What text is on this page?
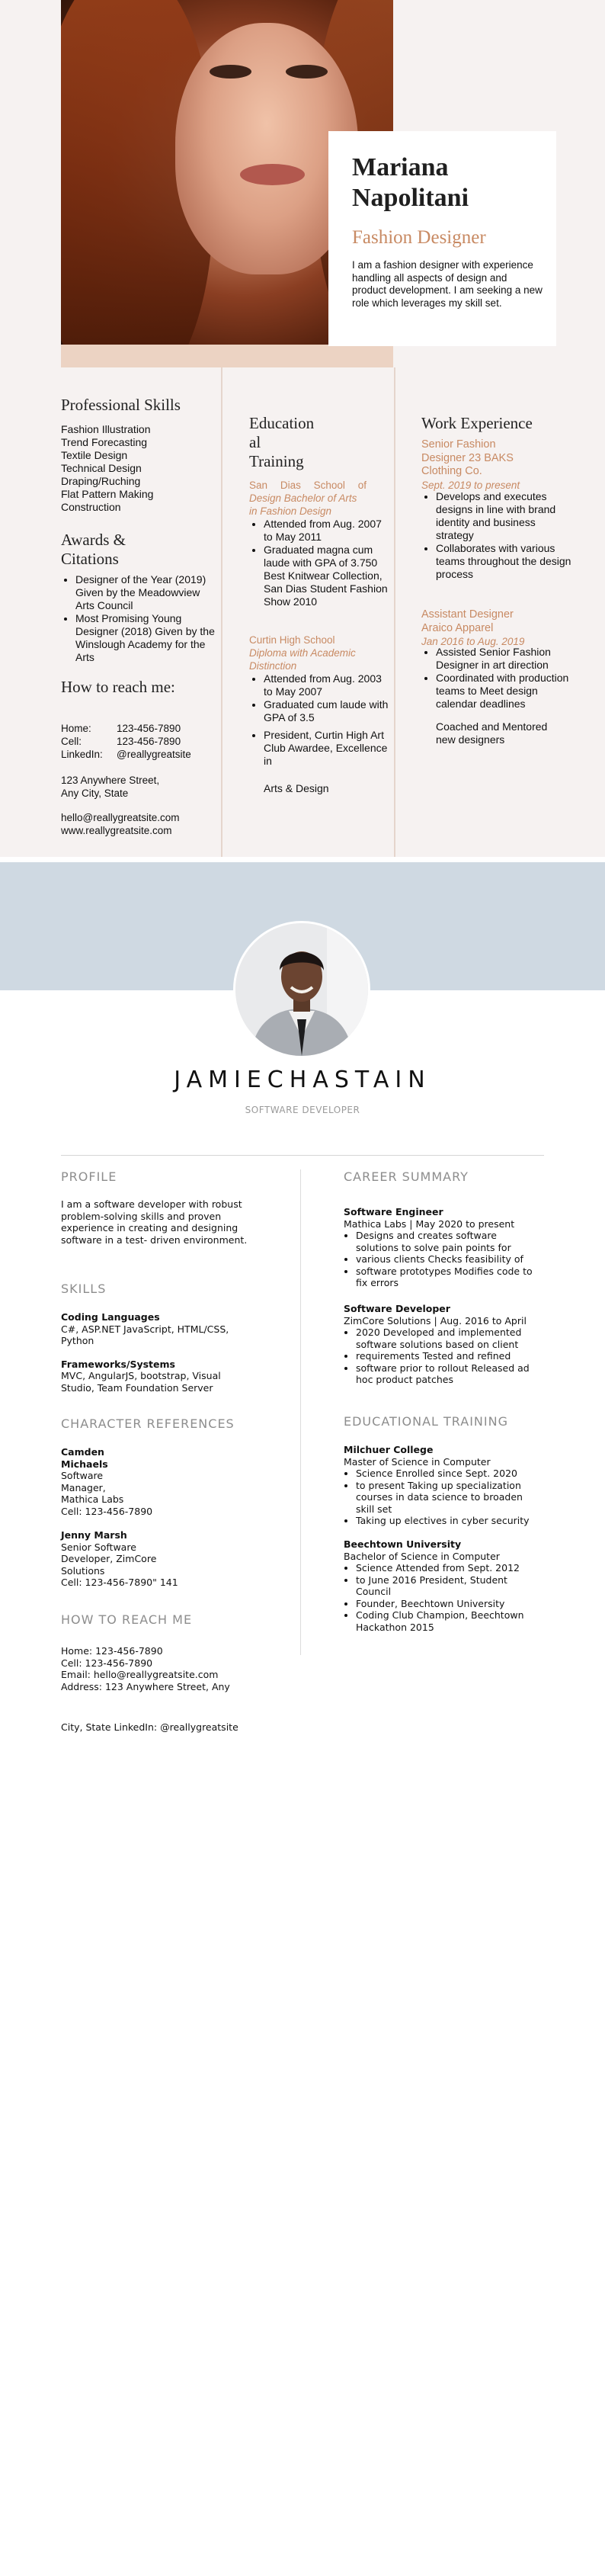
Mariana
Napolitani
Fashion Designer
I am a fashion designer with experience handling all aspects of design and product development. I am seeking a new role which leverages my skill set.
Professional Skills
Fashion Illustration
Trend Forecasting
Textile Design
Technical Design
Draping/Ruching
Flat Pattern Making
Construction
Awards &
Citations
• Designer of the Year (2019) Given by the Meadowview Arts Council
• Most Promising Young Designer (2018) Given by the Winslough Academy for the Arts
How to reach me:
Home:	123-456-7890
Cell:	123-456-7890
LinkedIn:	@reallygreatsite
123 Anywhere Street,
Any City, State
hello@reallygreatsite.com
www.reallygreatsite.com
Education
al
Training
San Dias School of
Design Bachelor of Arts
in Fashion Design
• Attended from Aug. 2007 to May 2011
• Graduated magna cum laude with GPA of 3.750 Best Knitwear Collection, San Dias Student Fashion Show 2010
Curtin High School
Diploma with Academic
Distinction
• Attended from Aug. 2003 to May 2007
• Graduated cum laude with GPA of 3.5
• President, Curtin High Art Club Awardee, Excellence in
Arts & Design
Work Experience
Senior Fashion
Designer 23 BAKS
Clothing Co.
Sept. 2019 to present
• Develops and executes designs in line with brand identity and business strategy
• Collaborates with various teams throughout the design process
Assistant Designer
Araico Apparel
Jan 2016 to Aug. 2019
• Assisted Senior Fashion Designer in art direction
• Coordinated with production teams to Meet design calendar deadlines
Coached and Mentored new designers
JAMIECHASTAIN
SOFTWARE DEVELOPER
PROFILE
I am a software developer with robust problem-solving skills and proven experience in creating and designing software in a test- driven environment.
SKILLS
Coding Languages
C#, ASP.NET JavaScript, HTML/CSS, Python
Frameworks/Systems
MVC, AngularJS, bootstrap, Visual Studio, Team Foundation Server
CHARACTER REFERENCES
Camden
Michaels
Software
Manager,
Mathica Labs
Cell: 123-456-7890
Jenny Marsh
Senior Software
Developer, ZimCore
Solutions
Cell: 123-456-7890" 141
HOW TO REACH ME
Home: 123-456-7890
Cell: 123-456-7890
Email: hello@reallygreatsite.com
Address: 123 Anywhere Street, Any
City, State LinkedIn: @reallygreatsite
CAREER SUMMARY
Software Engineer
Mathica Labs | May 2020 to present
• Designs and creates software solutions to solve pain points for
• various clients Checks feasibility of
• software prototypes Modifies code to fix errors
Software Developer
ZimCore Solutions | Aug. 2016 to April
• 2020 Developed and implemented software solutions based on client
• requirements Tested and refined
• software prior to rollout Released ad hoc product patches
EDUCATIONAL TRAINING
Milchuer College
Master of Science in Computer
• Science Enrolled since Sept. 2020
• to present Taking up specialization courses in data science to broaden skill set
• Taking up electives in cyber security
Beechtown University
Bachelor of Science in Computer
• Science Attended from Sept. 2012
• to June 2016 President, Student Council
• Founder, Beechtown University
• Coding Club Champion, Beechtown Hackathon 2015
